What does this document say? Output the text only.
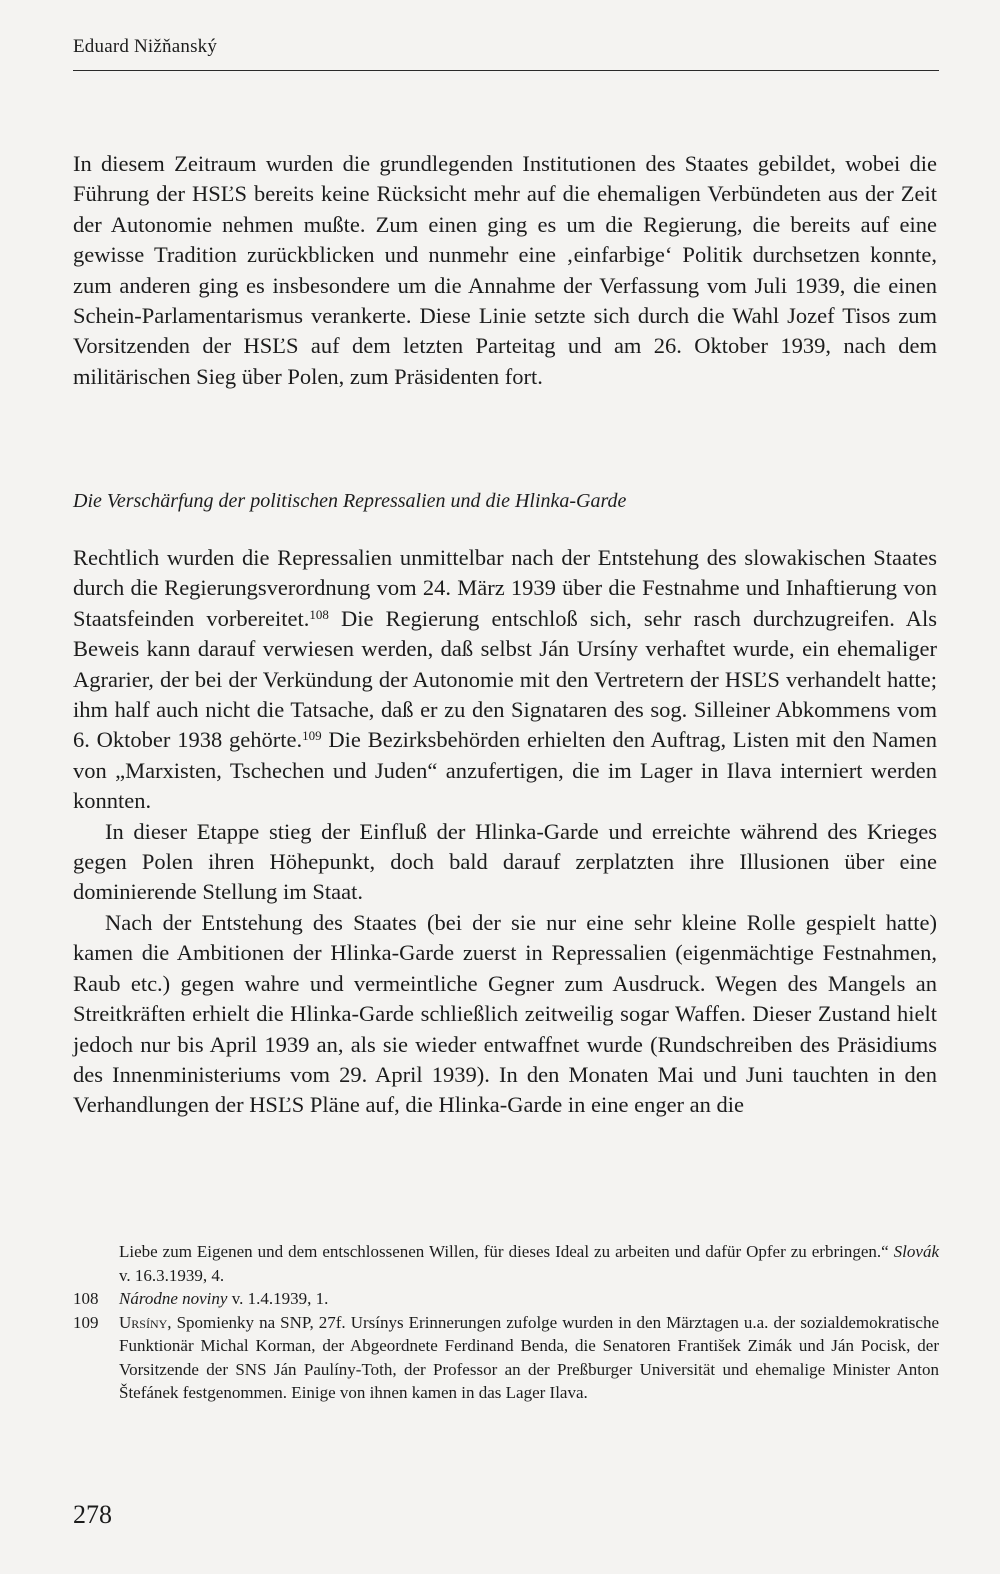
Eduard Nižňanský

In diesem Zeitraum wurden die grundlegenden Institutionen des Staates gebildet, wobei die Führung der HSĽS bereits keine Rücksicht mehr auf die ehemaligen Verbündeten aus der Zeit der Autonomie nehmen mußte. Zum einen ging es um die Regierung, die bereits auf eine gewisse Tradition zurückblicken und nunmehr eine ‚einfarbige‘ Politik durchsetzen konnte, zum anderen ging es insbesondere um die Annahme der Verfassung vom Juli 1939, die einen Schein-Parlamentarismus verankerte. Diese Linie setzte sich durch die Wahl Jozef Tisos zum Vorsitzenden der HSĽS auf dem letzten Parteitag und am 26. Oktober 1939, nach dem militärischen Sieg über Polen, zum Präsidenten fort.

Die Verschärfung der politischen Repressalien und die Hlinka-Garde

Rechtlich wurden die Repressalien unmittelbar nach der Entstehung des slowakischen Staates durch die Regierungsverordnung vom 24. März 1939 über die Festnahme und Inhaftierung von Staatsfeinden vorbereitet.$^{108}$ Die Regierung entschloß sich, sehr rasch durchzugreifen. Als Beweis kann darauf verwiesen werden, daß selbst Ján Ursíny verhaftet wurde, ein ehemaliger Agrarier, der bei der Verkündung der Autonomie mit den Vertretern der HSĽS verhandelt hatte; ihm half auch nicht die Tatsache, daß er zu den Signataren des sog. Silleiner Abkommens vom 6. Oktober 1938 gehörte.$^{109}$ Die Bezirksbehörden erhielten den Auftrag, Listen mit den Namen von „Marxisten, Tschechen und Juden“ anzufertigen, die im Lager in Ilava interniert werden konnten.

In dieser Etappe stieg der Einfluß der Hlinka-Garde und erreichte während des Krieges gegen Polen ihren Höhepunkt, doch bald darauf zerplatzten ihre Illusionen über eine dominierende Stellung im Staat.

Nach der Entstehung des Staates (bei der sie nur eine sehr kleine Rolle gespielt hatte) kamen die Ambitionen der Hlinka-Garde zuerst in Repressalien (eigenmächtige Festnahmen, Raub etc.) gegen wahre und vermeintliche Gegner zum Ausdruck. Wegen des Mangels an Streitkräften erhielt die Hlinka-Garde schließlich zeitweilig sogar Waffen. Dieser Zustand hielt jedoch nur bis April 1939 an, als sie wieder entwaffnet wurde (Rundschreiben des Präsidiums des Innenministeriums vom 29. April 1939). In den Monaten Mai und Juni tauchten in den Verhandlungen der HSĽS Pläne auf, die Hlinka-Garde in eine enger an die

Liebe zum Eigenen und dem entschlossenen Willen, für dieses Ideal zu arbeiten und dafür Opfer zu erbringen.“ Slovák v. 16.3.1939, 4.
108	Národne noviny v. 1.4.1939, 1.
109	Ursíny, Spomienky na SNP, 27f. Ursínys Erinnerungen zufolge wurden in den Märztagen u.a. der sozialdemokratische Funktionär Michal Korman, der Abgeordnete Ferdinand Benda, die Senatoren František Zimák und Ján Pocisk, der Vorsitzende der SNS Ján Paulíny-Toth, der Professor an der Preßburger Universität und ehemalige Minister Anton Štefánek festgenommen. Einige von ihnen kamen in das Lager Ilava.
278
